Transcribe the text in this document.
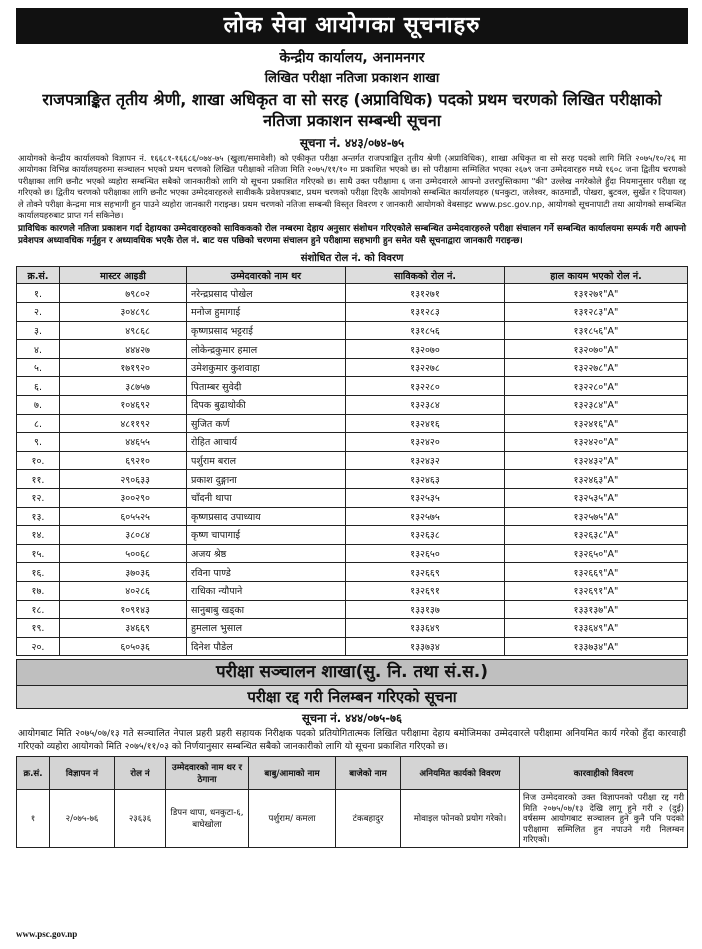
लोक सेवा आयोगका सूचनाहरु
केन्द्रीय कार्यालय, अनामनगर
लिखित परीक्षा नतिजा प्रकाशन शाखा
राजपत्राङ्कित तृतीय श्रेणी, शाखा अधिकृत वा सो सरह (अप्राविधिक) पदको प्रथम चरणको लिखित परीक्षाको नतिजा प्रकाशन सम्बन्धी सूचना
सूचना नं. ४४३/०७४-७५
आयोगको केन्द्रीय कार्यालयको विज्ञापन नं. १६६८१-१६६८६/०७४-७५ (खुला/समावेशी) को एकीकृत परीक्षा अन्तर्गत राजपत्राङ्कित तृतीय श्रेणी (अप्राविधिक), शाखा अधिकृत वा सो सरह पदको लागि मिति २०७५/१०/२६ मा आयोगका विभिन्न कार्यालयहरुमा सञ्चालन भएको प्रथम चरणको लिखित परीक्षाको नतिजा मिति २०७५/११/१० मा प्रकाशित भएको छ। सो परीक्षामा सम्मिलित भएका २६७९ जना उम्मेदवारहरु मध्ये १६०८ जना द्वितीय चरणको परीक्षाका लागि छनौट भएको व्यहोरा सम्बन्धित सबैको जानकारीको लागि यो सूचना प्रकाशित गरिएको छ। साथै उक्त परीक्षामा ६ जना उम्मेदवारले आफ्नो उत्तरपुस्तिकामा "की" उल्लेख नगरेकोले हुँदा नियमानुसार परीक्षा रद्द गरिएको छ। द्वितीय चरणको परीक्षाका लागि छनौट भएका उम्मेदवारहरुले सावीककै प्रवेशपत्रबाट, प्रथम चरणको परीक्षा दिएकै आयोगको सम्बन्धित कार्यालयहरु (धनकुटा, जलेश्वर, काठमाडौं, पोखरा, बुटवल, सुर्खेत र दिपायल) ले तोक्ने परीक्षा केन्द्रमा मात्र सहभागी हुन पाउने व्यहोरा जानकारी गराइन्छ। प्रथम चरणको नतिजा सम्बन्धी विस्तृत विवरण र जानकारी आयोगको वेबसाइट www.psc.gov.np, आयोगको सूचनापाटी तथा आयोगको सम्बन्धित कार्यालयहरुबाट प्राप्त गर्न सकिनेछ।
प्राविधिक कारणले नतिजा प्रकाशन गर्दा देहायका उम्मेदवारहरुको साविककको रोल नम्बरमा देहाय अनुसार संशोधन गरिएकोले सम्बन्धित उम्मेदवारहरुले परीक्षा संचालन गर्ने सम्बन्धित कार्यालयमा सम्पर्क गरी आफ्नो प्रवेशपत्र अध्यावधिक गर्नुहुन र अध्यावधिक भएकै रोल नं. बाट यस पछिको चरणमा संचालन हुने परीक्षामा सहभागी हुन समेत यसै सूचनाद्वारा जानकारी गराइन्छ।
संशोधित रोल नं. को विवरण
क्र.सं.	मास्टर आइडी	उम्मेदवारको नाम थर	साविकको रोल नं.	हाल कायम भएको रोल नं.
१.	७९८०२	नरेन्द्रप्रसाद पोखेल	१३१२७१	१३१२७१"A"
२.	३०४८९८	मनोज हुमागाई	१३१२८३	१३१२८३"A"
३.	४९८६८	कृष्णप्रसाद भट्टराई	१३१८५६	१३१८५६"A"
४.	४४४२७	लोकेन्द्रकुमार हमाल	१३२०७०	१३२०७०"A"
५.	१७१९२०	उमेशकुमार कुशवाहा	१३२२७८	१३२२७८"A"
६.	३८७५७	पिताम्बर सुवेदी	१३२२८०	१३२२८०"A"
७.	१०४६९२	दिपक बुढाथोकी	१३२३८४	१३२३८४"A"
८.	४८११९२	सुजित कर्ण	१३२४१६	१३२४१६"A"
९.	४४६५५	रोहित आचार्य	१३२४२०	१३२४२०"A"
१०.	६९२१०	पर्शुराम बराल	१३२४३२	१३२४३२"A"
११.	२९०६३३	प्रकाश दुङ्गाना	१३२४६३	१३२४६३"A"
१२.	३००२९०	चाँदनी थापा	१३२५३५	१३२५३५"A"
१३.	६०५५२५	कृष्णप्रसाद उपाध्याय	१३२५७५	१३२५७५"A"
१४.	३८०८४	कृष्ण चापागाई	१३२६३८	१३२६३८"A"
१५.	५००६८	अजय श्रेष्ठ	१३२६५०	१३२६५०"A"
१६.	३७०३६	रविना पाण्डे	१३२६६९	१३२६६९"A"
१७.	४०२८६	राधिका न्यौपाने	१३२६९१	१३२६९१"A"
१८.	१०९१४३	सानुबाबु खड्का	१३३१३७	१३३१३७"A"
१९.	३४६६९	हुमलाल भुसाल	१३३६४९	१३३६४९"A"
२०.	६०५०३६	दिनेश पौडेल	१३३७३४	१३३७३४"A"
परीक्षा सञ्चालन शाखा(सु. नि. तथा सं.स.)
परीक्षा रद्द गरी निलम्बन गरिएको सूचना
सूचना नं. ४४४/०७५-७६
आयोगबाट मिति २०७५/०७/१३ गते सञ्चालित नेपाल प्रहरी प्रहरी सहायक निरीक्षक पदको प्रतियोगितात्मक लिखित परीक्षामा देहाय बमोजिमका उम्मेदवारले परीक्षामा अनियमित कार्य गरेको हुँदा कारवाही गरिएको व्यहोरा आयोगको मिति २०७५/११/०३ को निर्णयानुसार सम्बन्धित सबैको जानकारीको लागि यो सूचना प्रकाशित गरिएको छ।
क्र.सं.	विज्ञापन नं	रोल नं	उम्मेदवारको नाम थर र ठेगाना	बाबु/आमाको नाम	बाजेको नाम	अनियमित कार्यको विवरण	कारवाहीको विवरण
१	२/०७५-७६	२३६३६	डिपन थापा, धनकुटा-६, बाघेखोला	पर्शुराम/ कमला	टंकबहादुर	मोवाइल फोनको प्रयोग गरेको।	निज उम्मेदवारको उक्त विज्ञापनको परीक्षा रद्द गरी मिति २०७५/०७/१३ देखि लागू हुने गरी २ (दुई) वर्षसम्म आयोगबाट सञ्चालन हुने कुनै पनि पदको परीक्षामा सम्मिलित हुन नपाउने गरी निलम्बन गरिएको।
www.psc.gov.np
